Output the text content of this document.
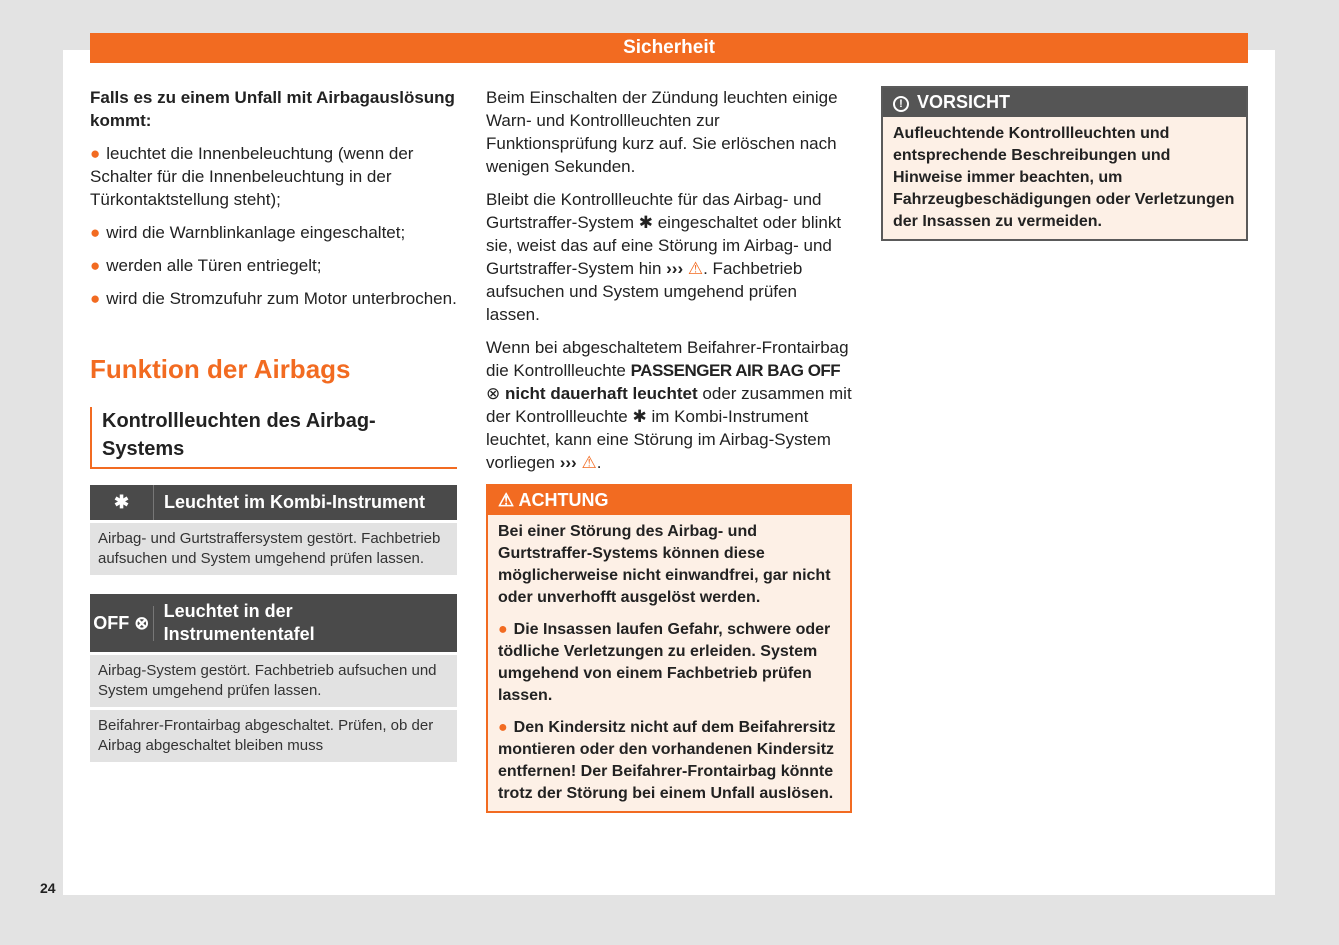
Sicherheit
24

Falls es zu einem Unfall mit Airbagauslösung kommt:

● leuchtet die Innenbeleuchtung (wenn der Schalter für die Innenbeleuchtung in der Türkontaktstellung steht);

● wird die Warnblinkanlage eingeschaltet;

● werden alle Türen entriegelt;

● wird die Stromzufuhr zum Motor unterbrochen.

Funktion der Airbags
Kontrollleuchten des Airbag-Systems
✱	Leuchtet im Kombi-Instrument
Airbag- und Gurtstraffersystem gestört. Fachbetrieb aufsuchen und System umgehend prüfen lassen.
OFF ⊗
Leuchtet in der Instrumententafel
Airbag-System gestört. Fachbetrieb aufsuchen und System umgehend prüfen lassen.
Beifahrer-Frontairbag abgeschaltet. Prüfen, ob der Airbag abgeschaltet bleiben muss

Beim Einschalten der Zündung leuchten einige Warn- und Kontrollleuchten zur Funktionsprüfung kurz auf. Sie erlöschen nach wenigen Sekunden.

Bleibt die Kontrollleuchte für das Airbag- und Gurtstraffer-System ✱ eingeschaltet oder blinkt sie, weist das auf eine Störung im Airbag- und Gurtstraffer-System hin ››› ⚠. Fachbetrieb aufsuchen und System umgehend prüfen lassen.

Wenn bei abgeschaltetem Beifahrer-Frontairbag die Kontrollleuchte PASSENGER AIR BAG OFF ⊗ nicht dauerhaft leuchtet oder zusammen mit der Kontrollleuchte ✱ im Kombi-Instrument leuchtet, kann eine Störung im Airbag-System vorliegen ››› ⚠.

⚠ ACHTUNG

Bei einer Störung des Airbag- und Gurtstraffer-Systems können diese möglicherweise nicht einwandfrei, gar nicht oder unverhofft ausgelöst werden.

● Die Insassen laufen Gefahr, schwere oder tödliche Verletzungen zu erleiden. System umgehend von einem Fachbetrieb prüfen lassen.

● Den Kindersitz nicht auf dem Beifahrersitz montieren oder den vorhandenen Kindersitz entfernen! Der Beifahrer-Frontairbag könnte trotz der Störung bei einem Unfall auslösen.

! VORSICHT

Aufleuchtende Kontrollleuchten und entsprechende Beschreibungen und Hinweise immer beachten, um Fahrzeugbeschädigungen oder Verletzungen der Insassen zu vermeiden.
